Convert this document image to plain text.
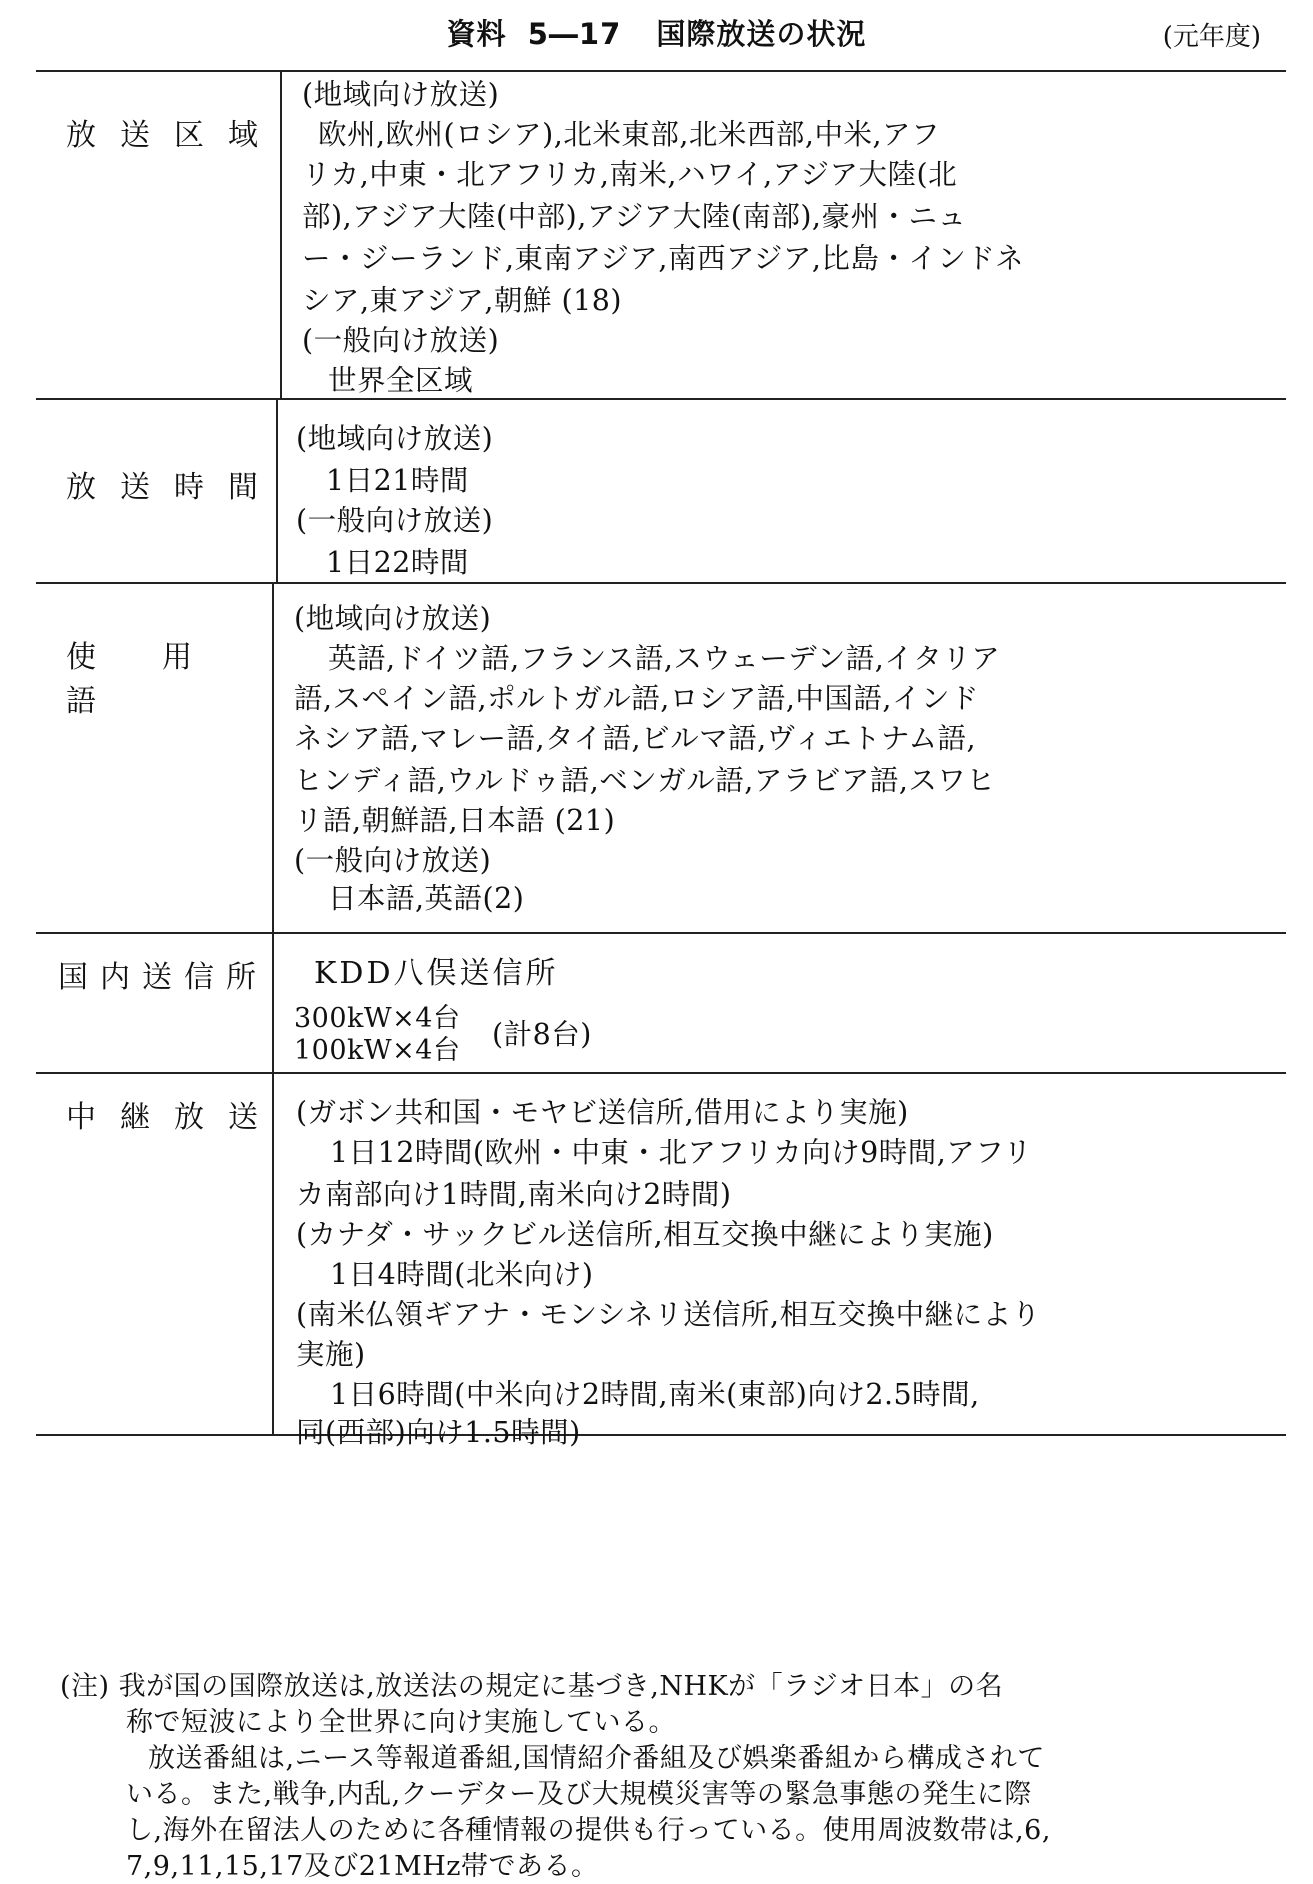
資料 5―17 国際放送の状況	(元年度)
放送区域
(地域向け放送)
欧州,欧州(ロシア),北米東部,北米西部,中米,アフ
リカ,中東・北アフリカ,南米,ハワイ,アジア大陸(北
部),アジア大陸(中部),アジア大陸(南部),豪州・ニュ
ー・ジーランド,東南アジア,南西アジア,比島・インドネ
シア,東アジア,朝鮮 (18)
(一般向け放送)
世界全区域
放送時間
(地域向け放送)
1日21時間
(一般向け放送)
1日22時間
使用語
(地域向け放送)
英語,ドイツ語,フランス語,スウェーデン語,イタリア
語,スペイン語,ポルトガル語,ロシア語,中国語,インド
ネシア語,マレー語,タイ語,ビルマ語,ヴィエトナム語,
ヒンディ語,ウルドゥ語,ベンガル語,アラビア語,スワヒ
リ語,朝鮮語,日本語 (21)
(一般向け放送)
日本語,英語(2)
国内送信所	KDD八俣送信所
300kW×4台
100kW×4台 (計8台)
中継放送 (ガボン共和国・モヤビ送信所,借用により実施)
1日12時間(欧州・中東・北アフリカ向け9時間,アフリ
カ南部向け1時間,南米向け2時間)
(カナダ・サックビル送信所,相互交換中継により実施)
1日4時間(北米向け)
(南米仏領ギアナ・モンシネリ送信所,相互交換中継により
実施)
1日6時間(中米向け2時間,南米(東部)向け2.5時間,
同(西部)向け1.5時間)
(注) 我が国の国際放送は,放送法の規定に基づき,NHKが「ラジオ日本」の名
称で短波により全世界に向け実施している。
放送番組は,ニース等報道番組,国情紹介番組及び娯楽番組から構成されて
いる。また,戦争,内乱,クーデター及び大規模災害等の緊急事態の発生に際
し,海外在留法人のために各種情報の提供も行っている。使用周波数帯は,6,
7,9,11,15,17及び21MHz帯である。
